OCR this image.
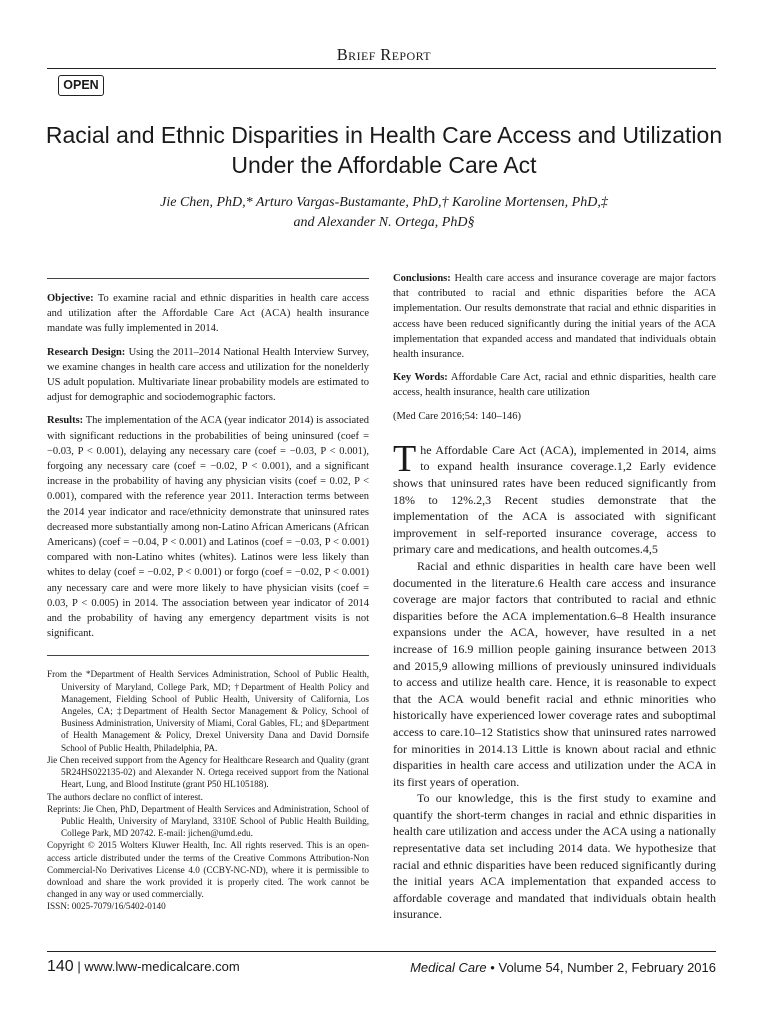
Brief Report
OPEN
Racial and Ethnic Disparities in Health Care Access and Utilization Under the Affordable Care Act
Jie Chen, PhD,* Arturo Vargas-Bustamante, PhD,† Karoline Mortensen, PhD,‡
and Alexander N. Ortega, PhD§

Objective: To examine racial and ethnic disparities in health care access and utilization after the Affordable Care Act (ACA) health insurance mandate was fully implemented in 2014.

Research Design: Using the 2011–2014 National Health Interview Survey, we examine changes in health care access and utilization for the nonelderly US adult population. Multivariate linear probability models are estimated to adjust for demographic and sociodemographic factors.

Results: The implementation of the ACA (year indicator 2014) is associated with significant reductions in the probabilities of being uninsured (coef = −0.03, P < 0.001), delaying any necessary care (coef = −0.03, P < 0.001), forgoing any necessary care (coef = −0.02, P < 0.001), and a significant increase in the probability of having any physician visits (coef = 0.02, P < 0.001), compared with the reference year 2011. Interaction terms between the 2014 year indicator and race/ethnicity demonstrate that uninsured rates decreased more substantially among non-Latino African Americans (African Americans) (coef = −0.04, P < 0.001) and Latinos (coef = −0.03, P < 0.001) compared with non-Latino whites (whites). Latinos were less likely than whites to delay (coef = −0.02, P < 0.001) or forgo (coef = −0.02, P < 0.001) any necessary care and were more likely to have physician visits (coef = 0.03, P < 0.005) in 2014. The association between year indicator of 2014 and the probability of having any emergency department visits is not significant.

From the *Department of Health Services Administration, School of Public Health, University of Maryland, College Park, MD; †Department of Health Policy and Management, Fielding School of Public Health, University of California, Los Angeles, CA; ‡Department of Health Sector Management & Policy, School of Business Administration, University of Miami, Coral Gables, FL; and §Department of Health Management & Policy, Drexel University Dana and David Dornsife School of Public Health, Philadelphia, PA.

Jie Chen received support from the Agency for Healthcare Research and Quality (grant 5R24HS022135-02) and Alexander N. Ortega received support from the National Heart, Lung, and Blood Institute (grant P50 HL105188).

The authors declare no conflict of interest.

Reprints: Jie Chen, PhD, Department of Health Services and Administration, School of Public Health, University of Maryland, 3310E School of Public Health Building, College Park, MD 20742. E-mail: jichen@umd.edu.

Copyright © 2015 Wolters Kluwer Health, Inc. All rights reserved. This is an open-access article distributed under the terms of the Creative Commons Attribution-Non Commercial-No Derivatives License 4.0 (CCBY-NC-ND), where it is permissible to download and share the work provided it is properly cited. The work cannot be changed in any way or used commercially.

ISSN: 0025-7079/16/5402-0140

Conclusions: Health care access and insurance coverage are major factors that contributed to racial and ethnic disparities before the ACA implementation. Our results demonstrate that racial and ethnic disparities in access have been reduced significantly during the initial years of the ACA implementation that expanded access and mandated that individuals obtain health insurance.

Key Words: Affordable Care Act, racial and ethnic disparities, health care access, health insurance, health care utilization

(Med Care 2016;54: 140–146)

The Affordable Care Act (ACA), implemented in 2014, aims to expand health insurance coverage.1,2 Early evidence shows that uninsured rates have been reduced significantly from 18% to 12%.2,3 Recent studies demonstrate that the implementation of the ACA is associated with significant improvement in self-reported insurance coverage, access to primary care and medications, and health outcomes.4,5

Racial and ethnic disparities in health care have been well documented in the literature.6 Health care access and insurance coverage are major factors that contributed to racial and ethnic disparities before the ACA implementation.6–8 Health insurance expansions under the ACA, however, have resulted in a net increase of 16.9 million people gaining insurance between 2013 and 2015,9 allowing millions of previously uninsured individuals to access and utilize health care. Hence, it is reasonable to expect that the ACA would benefit racial and ethnic minorities who historically have experienced lower coverage rates and suboptimal access to care.10–12 Statistics show that uninsured rates narrowed for minorities in 2014.13 Little is known about racial and ethnic disparities in health care access and utilization under the ACA in its first years of operation.

To our knowledge, this is the first study to examine and quantify the short-term changes in racial and ethnic disparities in health care utilization and access under the ACA using a nationally representative data set including 2014 data. We hypothesize that racial and ethnic disparities have been reduced significantly during the initial years ACA implementation that expanded access to affordable coverage and mandated that individuals obtain health insurance.

140 | www.lww-medicalcare.com	Medical Care • Volume 54, Number 2, February 2016
